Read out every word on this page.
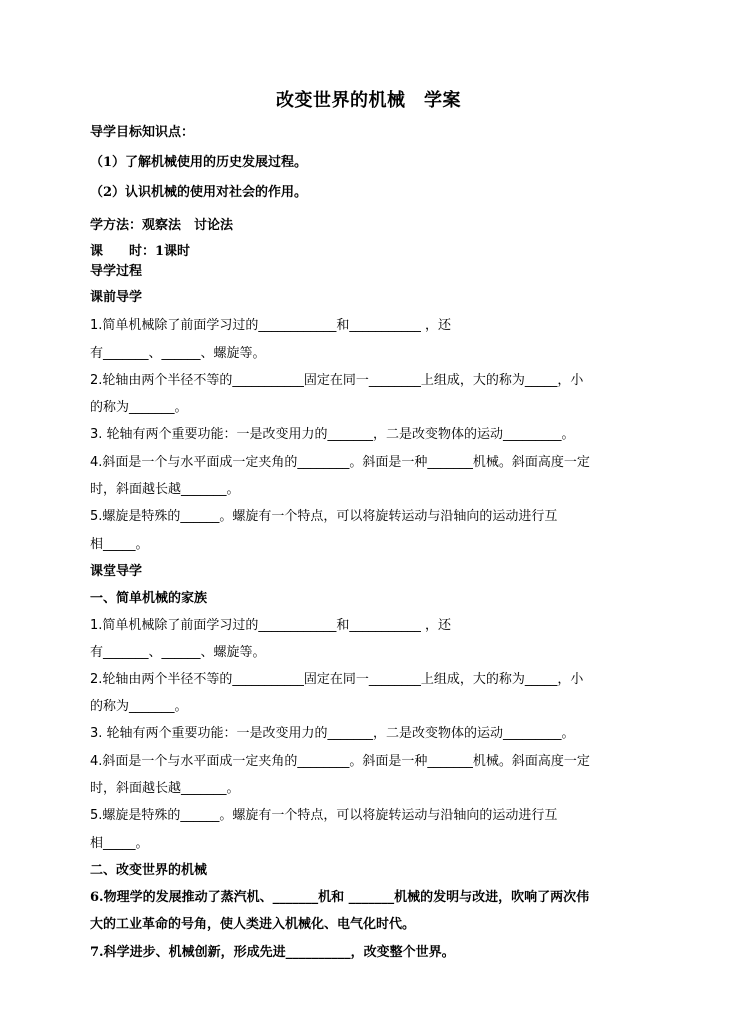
改变世界的机械　学案
导学目标知识点：
（1）了解机械使用的历史发展过程。
（2）认识机械的使用对社会的作用。
学方法：观察法　讨论法
课　　时：1课时
导学过程
课前导学
1.简单机械除了前面学习过的____________和___________ ，还
有_______、______、螺旋等。
2.轮轴由两个半径不等的___________固定在同一________上组成，大的称为_____，小
的称为_______。
3. 轮轴有两个重要功能：一是改变用力的_______，二是改变物体的运动_________。
4.斜面是一个与水平面成一定夹角的________。斜面是一种_______机械。斜面高度一定
时，斜面越长越_______。
5.螺旋是特殊的______。螺旋有一个特点，可以将旋转运动与沿轴向的运动进行互
相_____。
课堂导学
一、简单机械的家族
1.简单机械除了前面学习过的____________和___________ ，还
有_______、______、螺旋等。
2.轮轴由两个半径不等的___________固定在同一________上组成，大的称为_____，小
的称为_______。
3. 轮轴有两个重要功能：一是改变用力的_______，二是改变物体的运动_________。
4.斜面是一个与水平面成一定夹角的________。斜面是一种_______机械。斜面高度一定
时，斜面越长越_______。
5.螺旋是特殊的______。螺旋有一个特点，可以将旋转运动与沿轴向的运动进行互
相_____。
二、改变世界的机械
6.物理学的发展推动了蒸汽机、_______机和 _______机械的发明与改进，吹响了两次伟
大的工业革命的号角，使人类进入机械化、电气化时代。
7.科学进步、机械创新，形成先进__________，改变整个世界。
